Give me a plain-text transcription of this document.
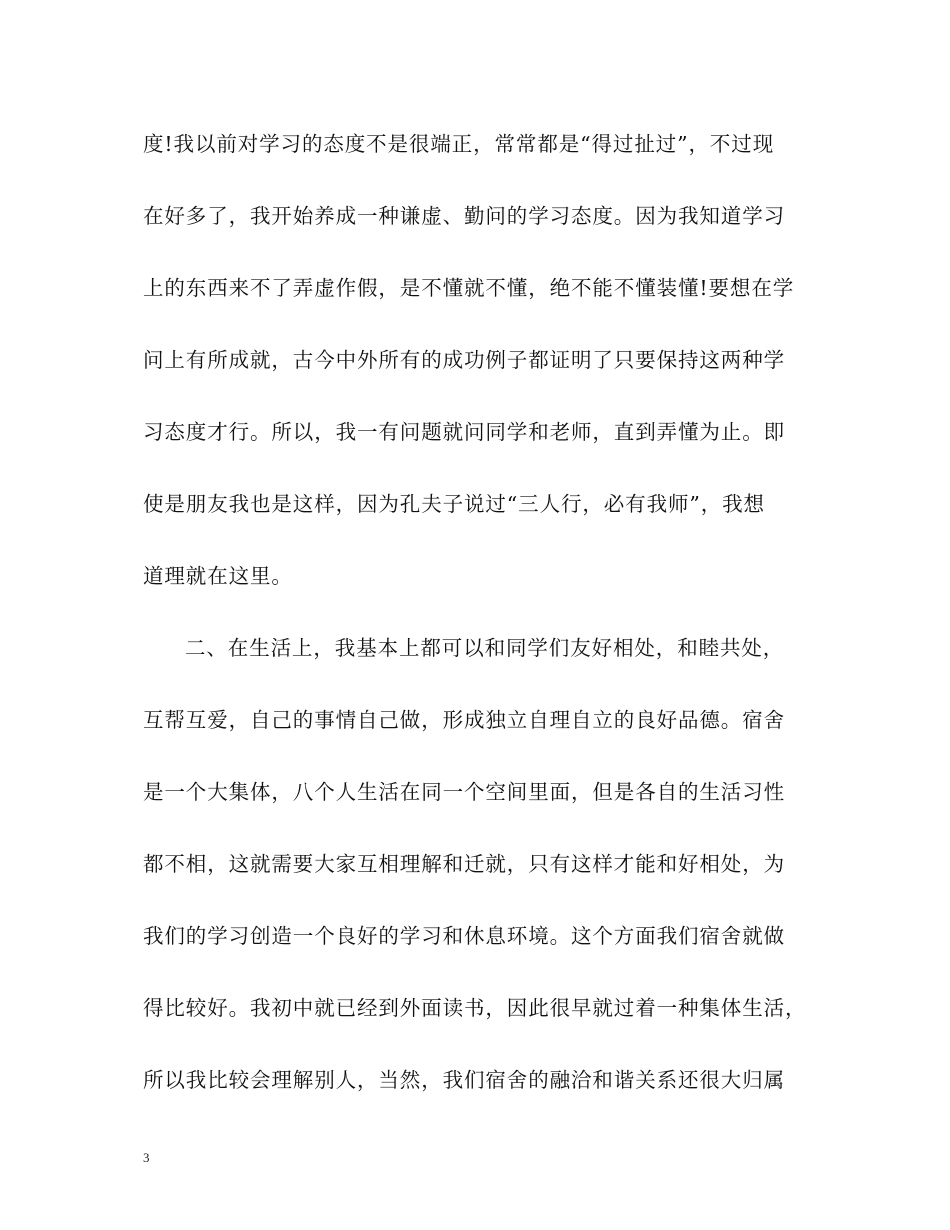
度!我以前对学习的态度不是很端正，常常都是“得过扯过”，不过现
在好多了，我开始养成一种谦虚、勤问的学习态度。因为我知道学习
上的东西来不了弄虚作假，是不懂就不懂，绝不能不懂装懂!要想在学
问上有所成就，古今中外所有的成功例子都证明了只要保持这两种学
习态度才行。所以，我一有问题就问同学和老师，直到弄懂为止。即
使是朋友我也是这样，因为孔夫子说过“三人行，必有我师”，我想
道理就在这里。
二、在生活上，我基本上都可以和同学们友好相处，和睦共处，
互帮互爱，自己的事情自己做，形成独立自理自立的良好品德。宿舍
是一个大集体，八个人生活在同一个空间里面，但是各自的生活习性
都不相，这就需要大家互相理解和迁就，只有这样才能和好相处，为
我们的学习创造一个良好的学习和休息环境。这个方面我们宿舍就做
得比较好。我初中就已经到外面读书，因此很早就过着一种集体生活，
所以我比较会理解别人，当然，我们宿舍的融洽和谐关系还很大归属
3
